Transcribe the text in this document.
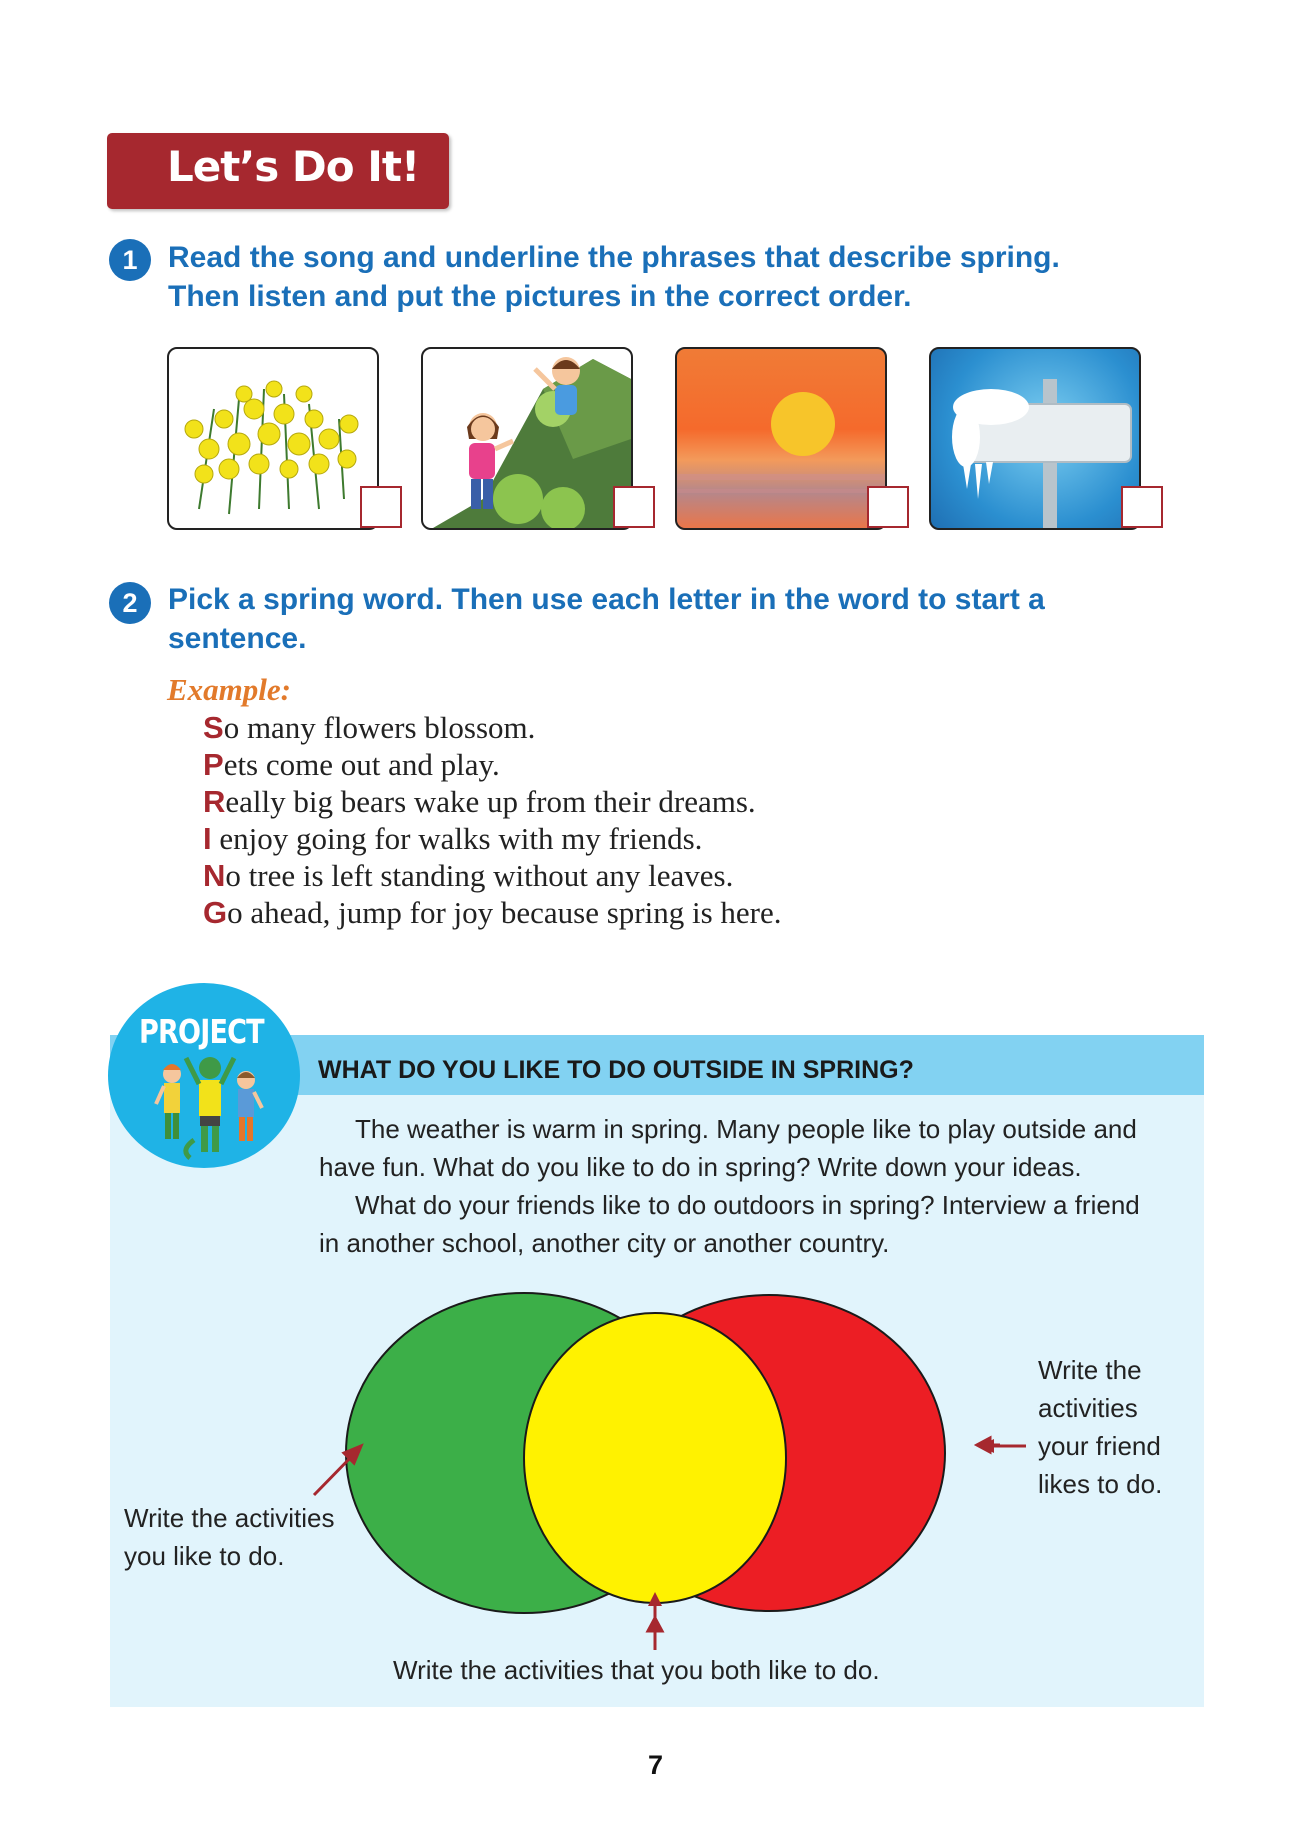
Let’s Do It!
1	Read the song and underline the phrases that describe spring.
Then listen and put the pictures in the correct order.
2	Pick a spring word. Then use each letter in the word to start a
sentence.
Example:
So many flowers blossom.
Pets come out and play.
Really big bears wake up from their dreams.
I enjoy going for walks with my friends.
No tree is left standing without any leaves.
Go ahead, jump for joy because spring is here.
WHAT DO YOU LIKE TO DO OUTSIDE IN SPRING?
PROJECT
The weather is warm in spring. Many people like to play outside and
have fun. What do you like to do in spring? Write down your ideas.
What do your friends like to do outdoors in spring? Interview a friend
in another school, another city or another country.
Write the activities
you like to do.
Write the
activities
your friend
likes to do.
Write the activities that you both like to do.
7
